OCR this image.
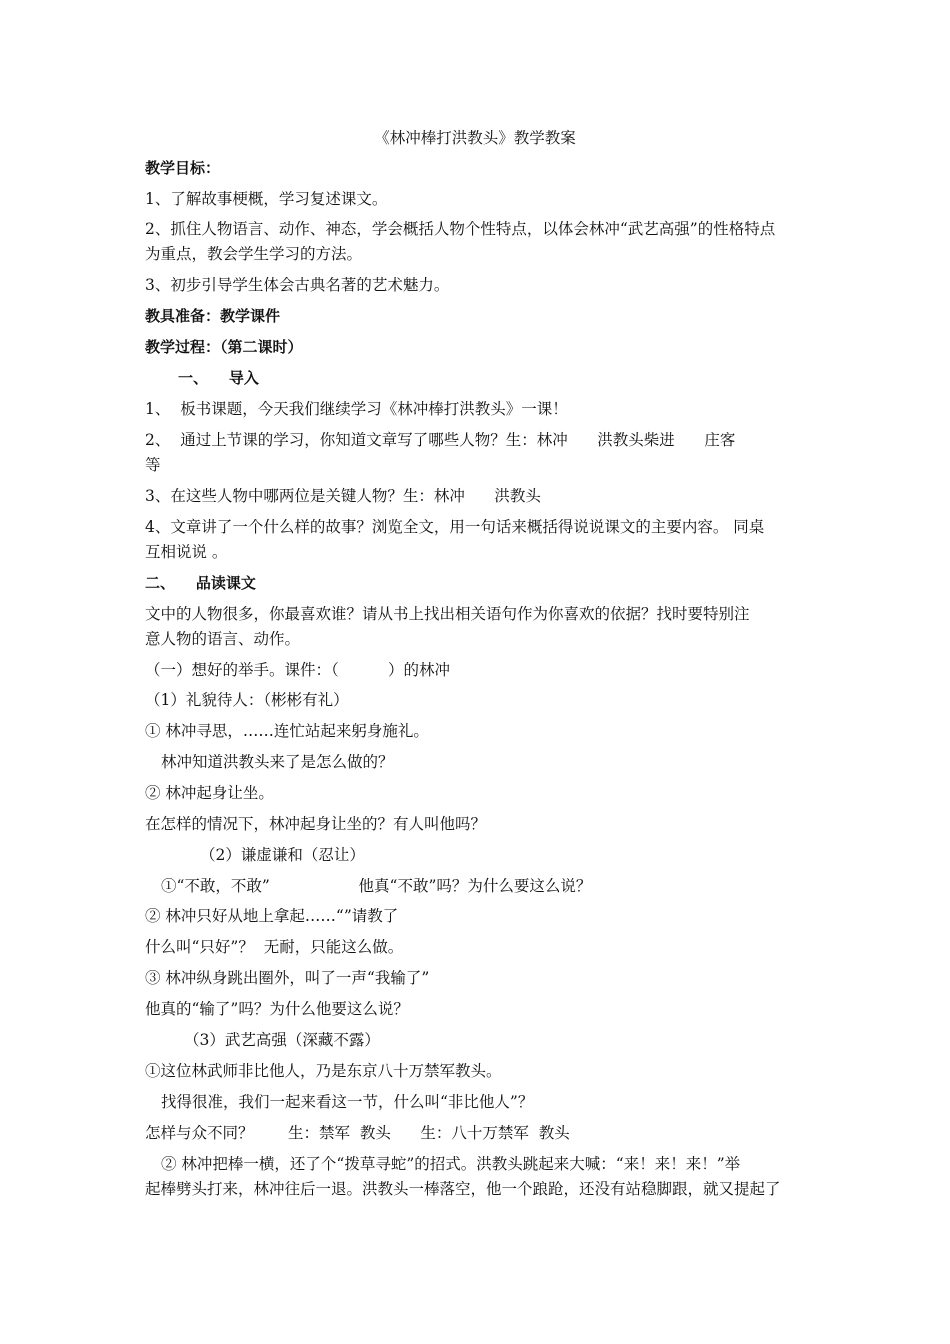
《林冲棒打洪教头》教学教案
教学目标：
1、了解故事梗概，学习复述课文。
2、抓住人物语言、动作、神态，学会概括人物个性特点，以体会林冲“武艺高强”的性格特点
为重点，教会学生学习的方法。
3、初步引导学生体会古典名著的艺术魅力。
教具准备：教学课件
教学过程：（第二课时）
一、    导入
1、  板书课题，今天我们继续学习《林冲棒打洪教头》一课！
2、  通过上节课的学习，你知道文章写了哪些人物？生：林冲      洪教头柴进      庄客
等
3、在这些人物中哪两位是关键人物？生：林冲      洪教头
4、文章讲了一个什么样的故事？浏览全文，用一句话来概括得说说课文的主要内容。 同桌
互相说说 。
二、    品读课文
文中的人物很多，你最喜欢谁？请从书上找出相关语句作为你喜欢的依据？找时要特别注
意人物的语言、动作。
（一）想好的举手。课件：（          ）的林冲
（1）礼貌待人：（彬彬有礼）
① 林冲寻思，……连忙站起来躬身施礼。
林冲知道洪教头来了是怎么做的？
② 林冲起身让坐。
在怎样的情况下，林冲起身让坐的？有人叫他吗？
（2）谦虚谦和（忍让）
①“不敢，不敢”                  他真“不敢”吗？为什么要这么说？
② 林冲只好从地上拿起……“”请教了
什么叫“只好”？  无耐，只能这么做。
③ 林冲纵身跳出圈外，叫了一声“我输了”
他真的“输了”吗？为什么他要这么说？
（3）武艺高强（深藏不露）
①这位林武师非比他人，乃是东京八十万禁军教头。
找得很准，我们一起来看这一节，什么叫“非比他人”？
怎样与众不同？       生：禁军  教头      生：八十万禁军  教头
② 林冲把棒一横，还了个“拨草寻蛇”的招式。洪教头跳起来大喊：“来！来！来！”举
起棒劈头打来，林冲往后一退。洪教头一棒落空，他一个踉跄，还没有站稳脚跟，就又提起了
